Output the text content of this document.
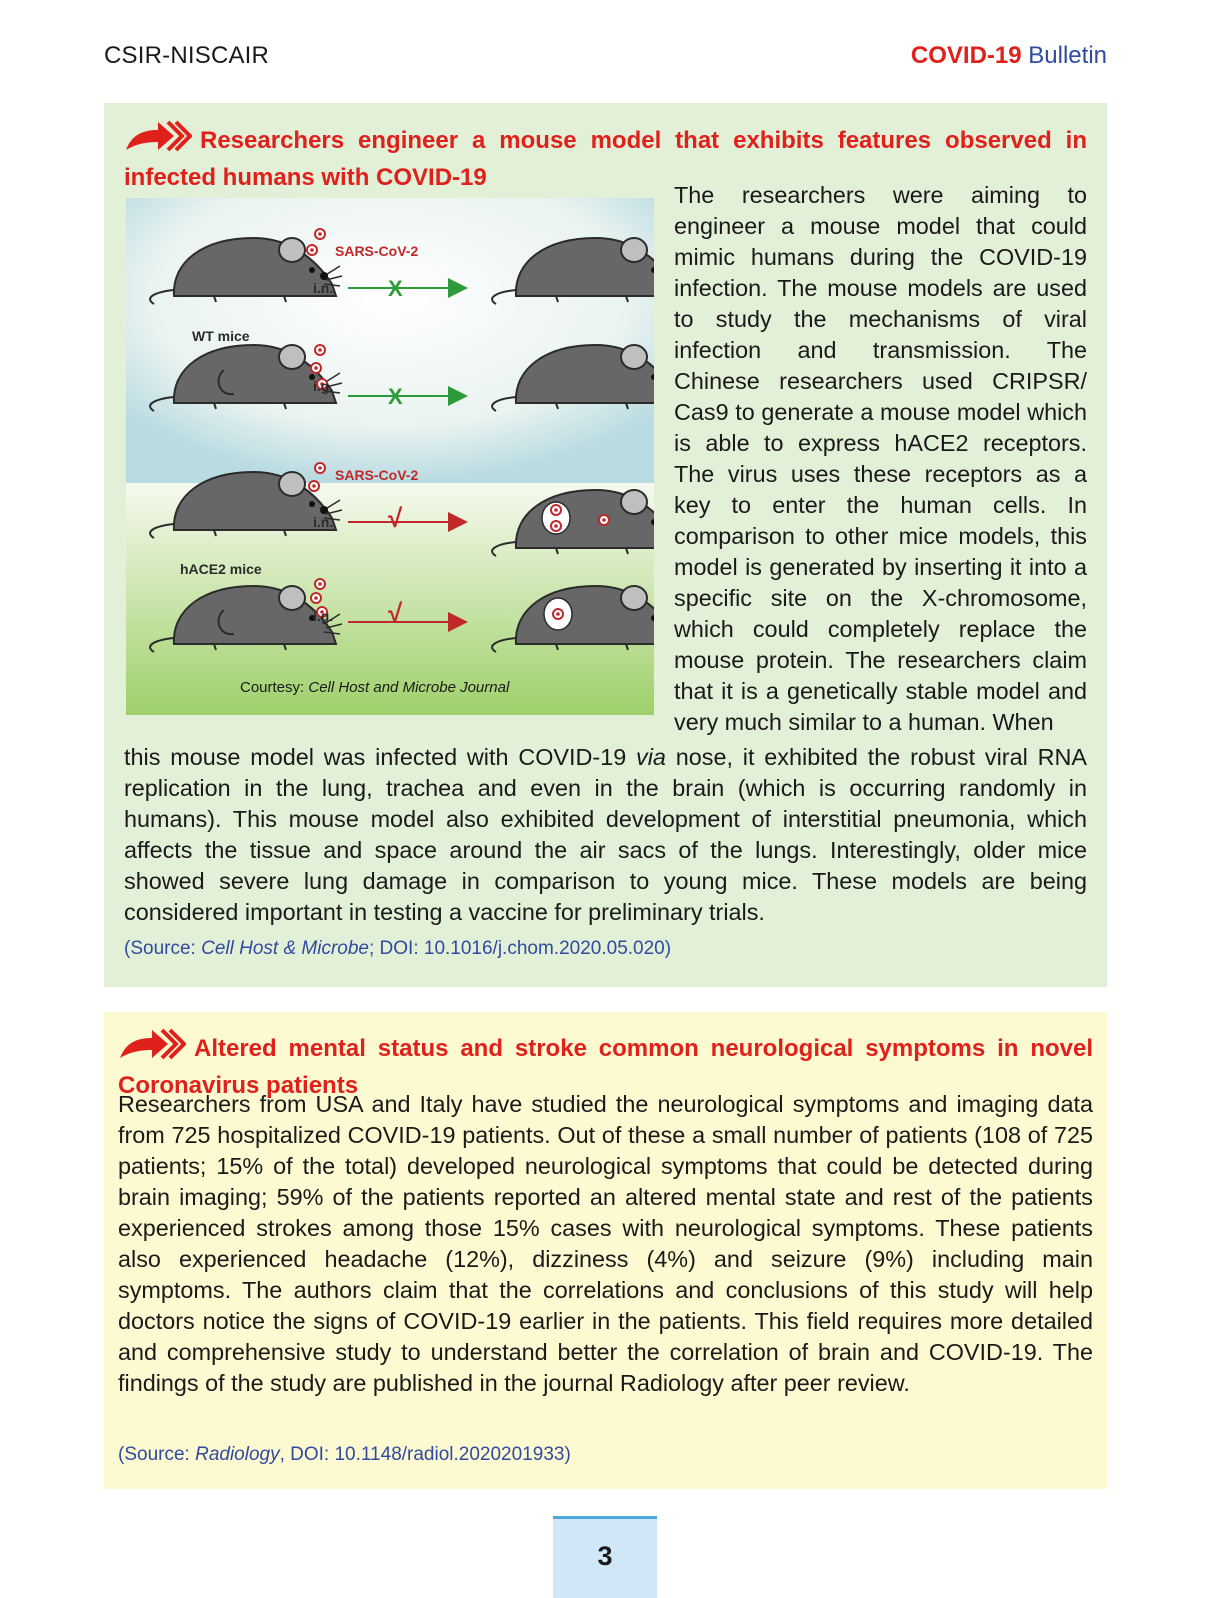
CSIR-NISCAIR	COVID-19 Bulletin
Researchers engineer a mouse model that exhibits features observed in infected humans with COVID-19
SARS-CoV-2
i.n. X
WT mice
i.g. X
SARS-CoV-2
i.n. √
hACE2 mice
i.g. √
Courtesy: Cell Host and Microbe Journal
The researchers were aiming to engineer a mouse model that could mimic humans during the COVID-19 infection. The mouse models are used to study the mechanisms of viral infection and transmission. The Chinese researchers used CRIPSR/ Cas9 to generate a mouse model which is able to express hACE2 receptors. The virus uses these receptors as a key to enter the human cells. In comparison to other mice models, this model is generated by inserting it into a specific site on the X-chromosome, which could completely replace the mouse protein. The researchers claim that it is a genetically stable model and very much similar to a human. When
this mouse model was infected with COVID-19 via nose, it exhibited the robust viral RNA replication in the lung, trachea and even in the brain (which is occurring randomly in humans). This mouse model also exhibited development of interstitial pneumonia, which affects the tissue and space around the air sacs of the lungs. Interestingly, older mice showed severe lung damage in comparison to young mice. These models are being considered important in testing a vaccine for preliminary trials.
(Source: Cell Host & Microbe; DOI: 10.1016/j.chom.2020.05.020)
Altered mental status and stroke common neurological symptoms in novel Coronavirus patients
Researchers from USA and Italy have studied the neurological symptoms and imaging data from 725 hospitalized COVID-19 patients. Out of these a small number of patients (108 of 725 patients; 15% of the total) developed neurological symptoms that could be detected during brain imaging; 59% of the patients reported an altered mental state and rest of the patients experienced strokes among those 15% cases with neurological symptoms. These patients also experienced headache (12%), dizziness (4%) and seizure (9%) including main symptoms. The authors claim that the correlations and conclusions of this study will help doctors notice the signs of COVID-19 earlier in the patients. This field requires more detailed and comprehensive study to understand better the correlation of brain and COVID-19. The findings of the study are published in the journal Radiology after peer review.
(Source: Radiology, DOI: 10.1148/radiol.2020201933)
3
